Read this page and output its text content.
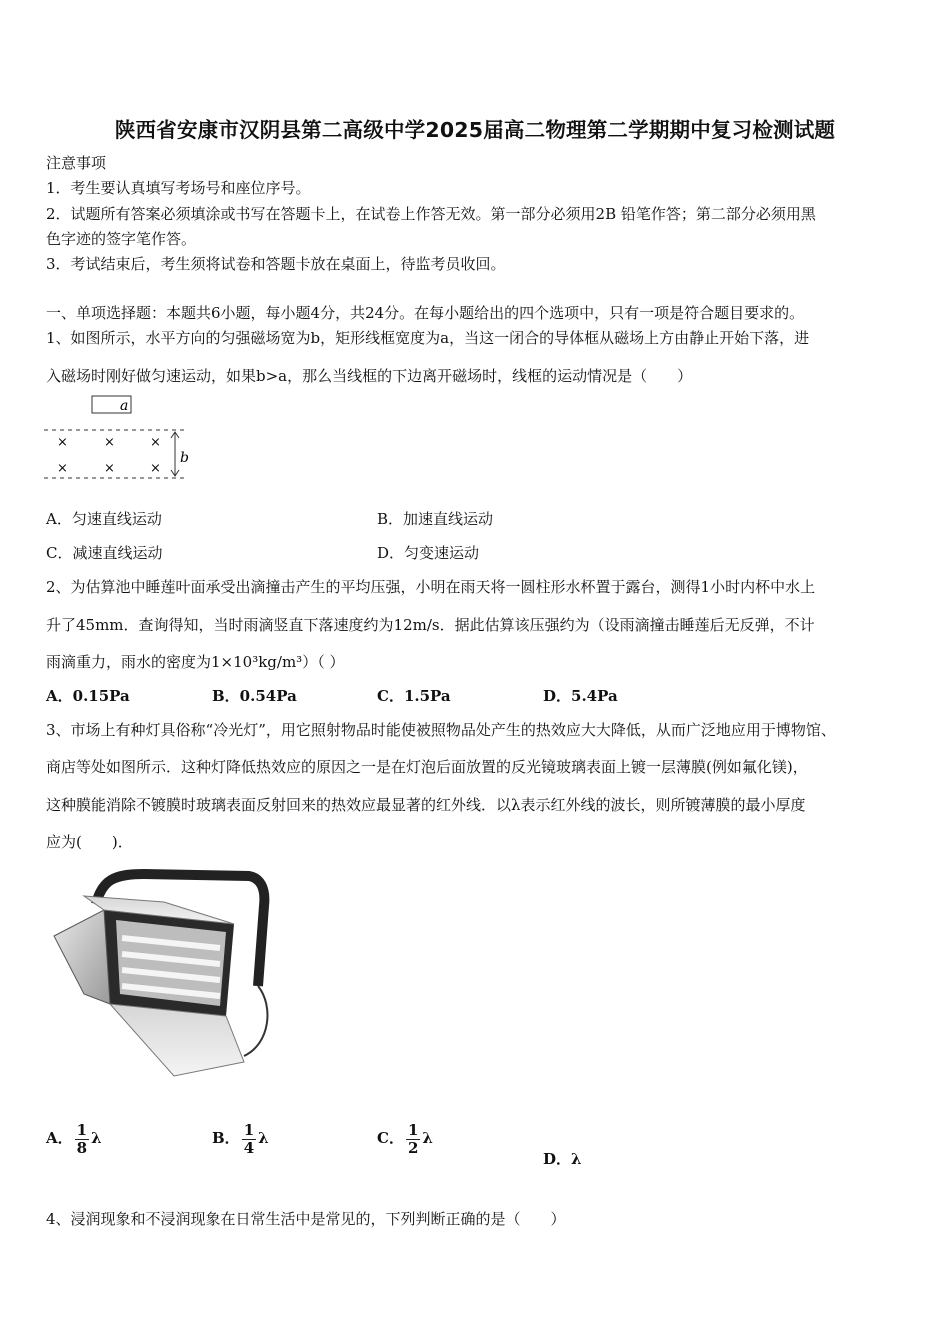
陕西省安康市汉阴县第二高级中学2025届高二物理第二学期期中复习检测试题
注意事项
1．考生要认真填写考场号和座位序号。
2．试题所有答案必须填涂或书写在答题卡上，在试卷上作答无效。第一部分必须用2B 铅笔作答；第二部分必须用黑
色字迹的签字笔作答。
3．考试结束后，考生须将试卷和答题卡放在桌面上，待监考员收回。
一、单项选择题：本题共6小题，每小题4分，共24分。在每小题给出的四个选项中，只有一项是符合题目要求的。
1、如图所示，水平方向的匀强磁场宽为b，矩形线框宽度为a，当这一闭合的导体框从磁场上方由静止开始下落，进
入磁场时刚好做匀速运动，如果b>a，那么当线框的下边离开磁场时，线框的运动情况是（　　）
a
×	×	×
×	×	×
b
A．匀速直线运动	B．加速直线运动
C．减速直线运动	D．匀变速运动
2、为估算池中睡莲叶面承受出滴撞击产生的平均压强，小明在雨天将一圆柱形水杯置于露台，测得1小时内杯中水上
升了45mm．查询得知，当时雨滴竖直下落速度约为12m/s．据此估算该压强约为（设雨滴撞击睡莲后无反弹，不计
雨滴重力，雨水的密度为1×10³kg/m³）（ ）
A．0.15Pa	B．0.54Pa	C．1.5Pa	D．5.4Pa
3、市场上有种灯具俗称“冷光灯”，用它照射物品时能使被照物品处产生的热效应大大降低，从而广泛地应用于博物馆、
商店等处如图所示．这种灯降低热效应的原因之一是在灯泡后面放置的反光镜玻璃表面上镀一层薄膜(例如氟化镁)，
这种膜能消除不镀膜时玻璃表面反射回来的热效应最显著的红外线．以λ表示红外线的波长，则所镀薄膜的最小厚度
应为(　　)．
A． $\frac{1}{8}$ λ	B． $\frac{1}{4}$ λ	C． $\frac{1}{2}$ λ
D．λ
4、浸润现象和不浸润现象在日常生活中是常见的，下列判断正确的是（　　）
